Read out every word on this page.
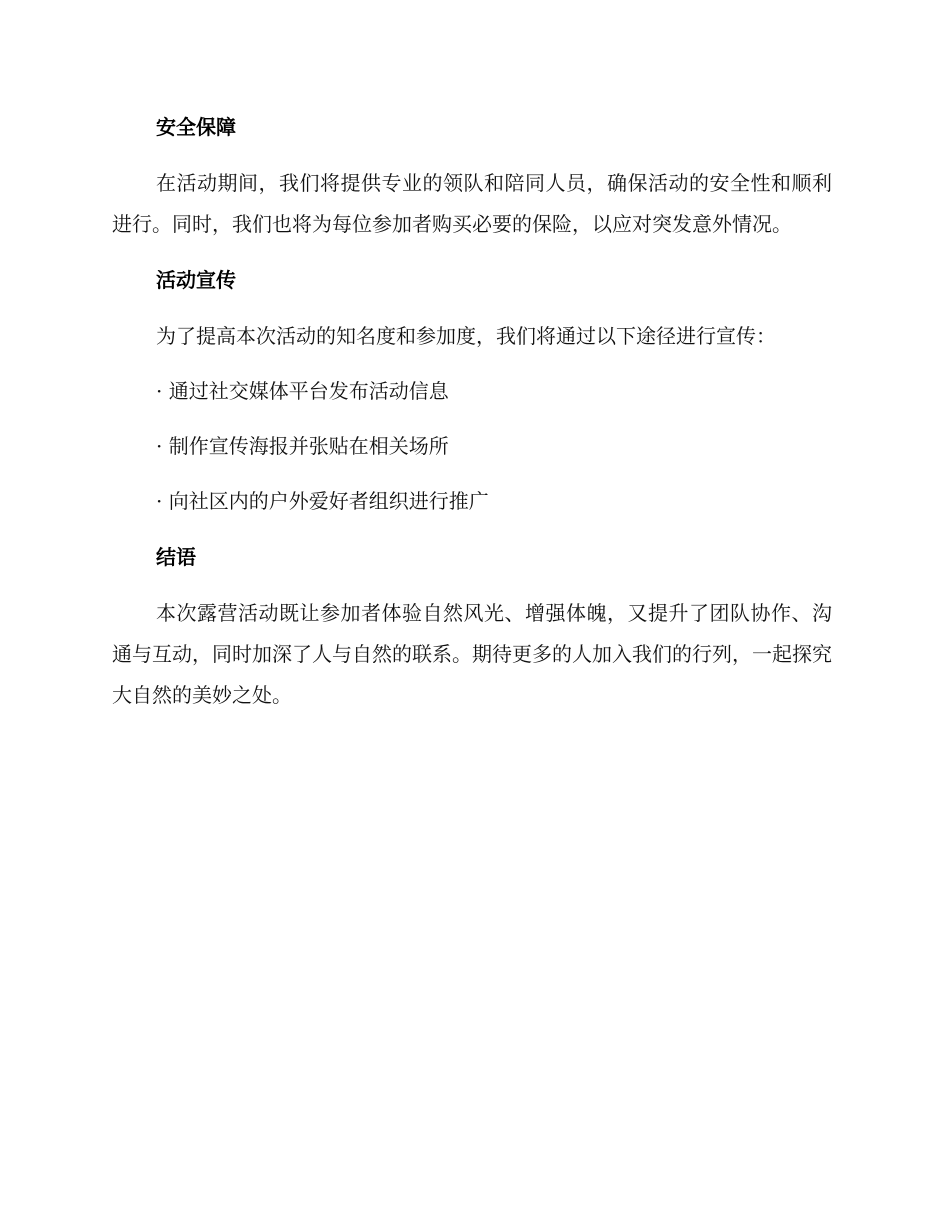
安全保障

在活动期间，我们将提供专业的领队和陪同人员，确保活动的安全性和顺利进行。同时，我们也将为每位参加者购买必要的保险，以应对突发意外情况。

活动宣传

为了提高本次活动的知名度和参加度，我们将通过以下途径进行宣传：

· 通过社交媒体平台发布活动信息

· 制作宣传海报并张贴在相关场所

· 向社区内的户外爱好者组织进行推广

结语

本次露营活动既让参加者体验自然风光、增强体魄，又提升了团队协作、沟通与互动，同时加深了人与自然的联系。期待更多的人加入我们的行列，一起探究大自然的美妙之处。
